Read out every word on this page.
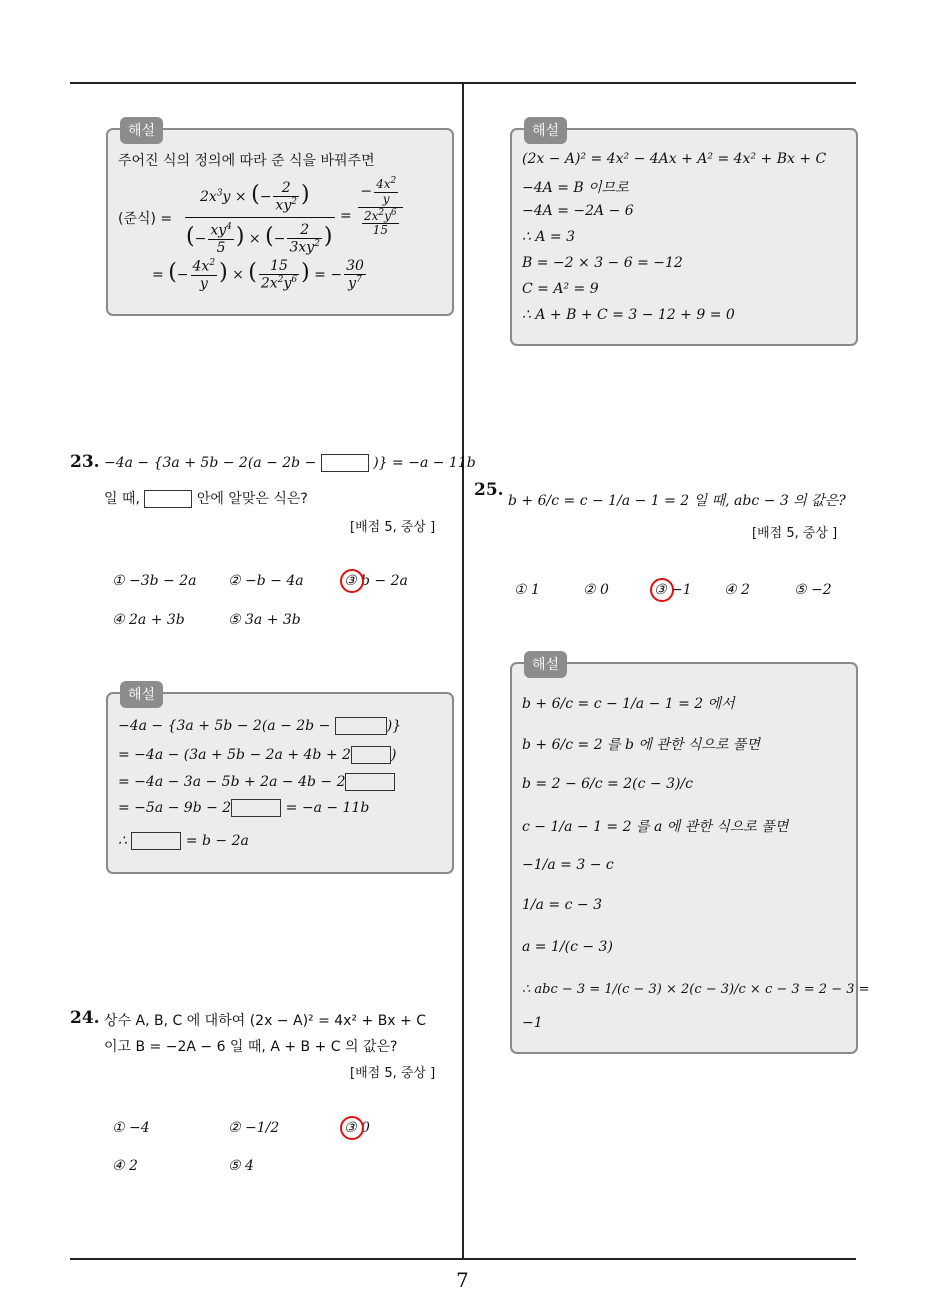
7
해설
주어진 식의 정의에 따라 준 식을 바꿔주면
(준식) =
$2x^3y$ × (− $\frac{2}{xy^2}$ )
(− $\frac{xy^4}{5}$ ) × (− $\frac{2}{3xy^2}$ )
= $\frac{- \frac{4x^2}{y}}{\frac{2x^2y^6}{15}}$
= (− $\frac{4x^2}{y}$ ) × ( $\frac{15}{2x^2y^6}$ ) = − $\frac{30}{y^7}$
23. −4a − {3a + 5b − 2(a − 2b −	)} = −a − 11b
일 때,	안에 알맞은 식은?
[배점 5, 중상 ]
① −3b − 2a ② −b − 4a	③ b − 2a
④ 2a + 3b	⑤ 3a + 3b
해설
−4a − {3a + 5b − 2(a − 2b −	)}
= −4a − (3a + 5b − 2a + 4b + 2	)
= −4a − 3a − 5b + 2a − 4b − 2
= −5a − 9b − 2	= −a − 11b
∴	= b − 2a
24. 상수 A, B, C 에 대하여 (2x − A)² = 4x² + Bx + C
이고 B = −2A − 6 일 때, A + B + C 의 값은?
[배점 5, 중상 ]
① −4	② −1/2	③ 0
④ 2	⑤ 4
해설
(2x − A)² = 4x² − 4Ax + A² = 4x² + Bx + C
−4A = B 이므로
−4A = −2A − 6
∴ A = 3
B = −2 × 3 − 6 = −12
C = A² = 9
∴ A + B + C = 3 − 12 + 9 = 0
25.
b + 6/c = c − 1/a − 1 = 2 일 때, abc − 3 의 값은?
[배점 5, 중상 ]
① 1	② 0	③ −1 ④ 2	⑤ −2
해설
b + 6/c = c − 1/a − 1 = 2 에서
b + 6/c = 2 를 b 에 관한 식으로 풀면
b = 2 − 6/c = 2(c − 3)/c
c − 1/a − 1 = 2 를 a 에 관한 식으로 풀면
−1/a = 3 − c
1/a = c − 3
a = 1/(c − 3)
∴ abc − 3 = 1/(c − 3) × 2(c − 3)/c × c − 3 = 2 − 3 =
−1
